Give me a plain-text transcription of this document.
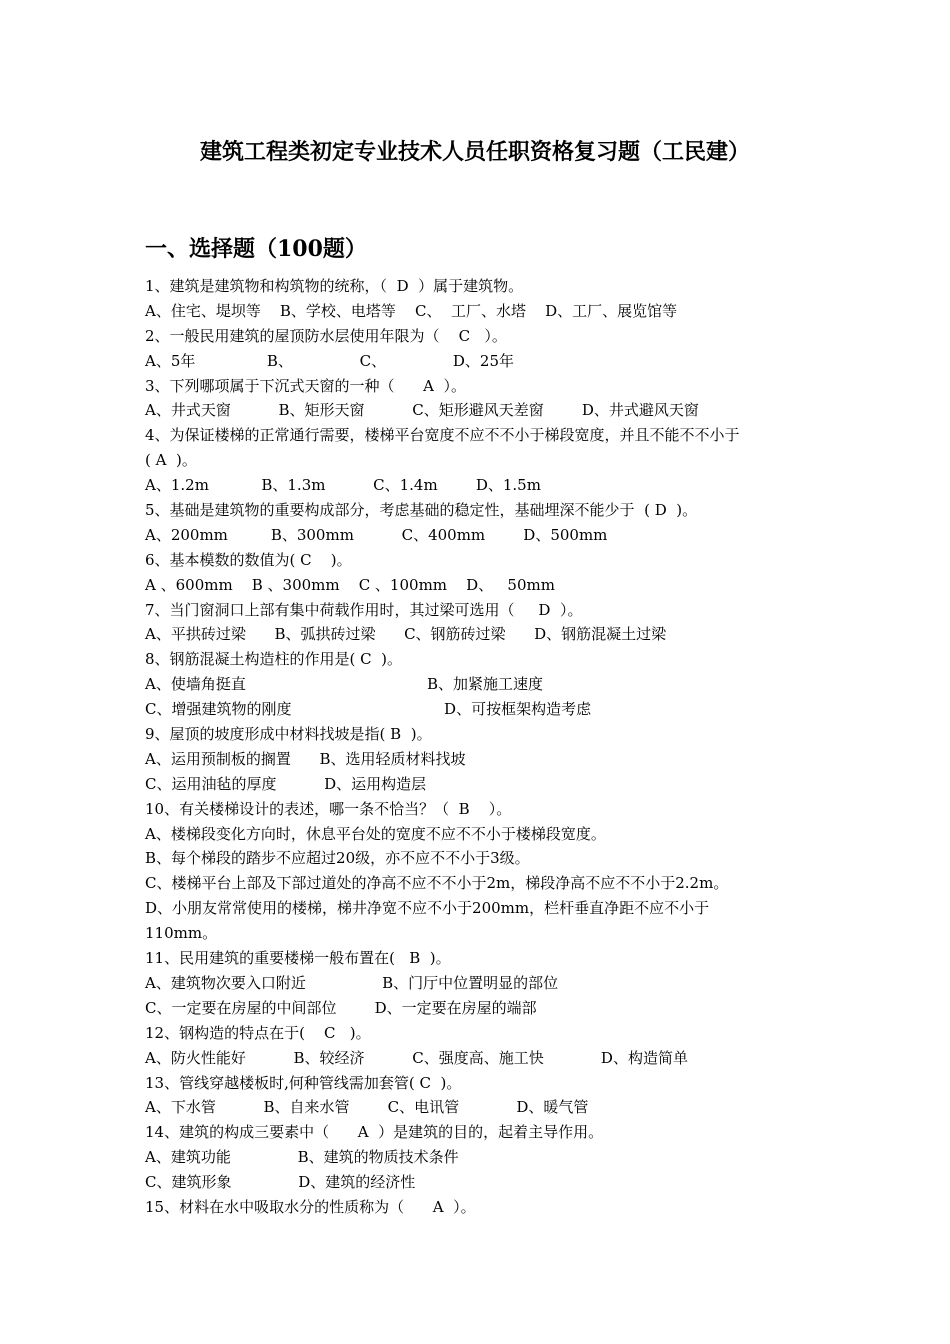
建筑工程类初定专业技术人员任职资格复习题（工民建）
一、选择题（100题）
1、建筑是建筑物和构筑物的统称，（  D  ）属于建筑物。
A、住宅、堤坝等    B、学校、电塔等    C、  工厂、水塔    D、工厂、展览馆等
2、一般民用建筑的屋顶防水层使用年限为（    C   ）。
A、5年               B、              C、              D、25年
3、下列哪项属于下沉式天窗的一种（      A  ）。
A、井式天窗          B、矩形天窗          C、矩形避风天差窗        D、井式避风天窗
4、为保证楼梯的正常通行需要，楼梯平台宽度不应不不小于梯段宽度，并且不能不不小于
( A  )。
A、1.2m           B、1.3m          C、1.4m        D、1.5m
5、基础是建筑物的重要构成部分，考虑基础的稳定性，基础埋深不能少于  ( D  )。
A、200mm         B、300mm          C、400mm        D、500mm
6、基本模数的数值为( C    )。
A 、600mm    B 、300mm    C 、100mm    D、   50mm
7、当门窗洞口上部有集中荷载作用时，其过梁可选用（     D  ）。
A、平拱砖过梁      B、弧拱砖过梁      C、钢筋砖过梁      D、钢筋混凝土过梁
8、钢筋混凝土构造柱的作用是( C  )。
A、使墙角挺直                                      B、加紧施工速度
C、增强建筑物的刚度                                D、可按框架构造考虑
9、屋顶的坡度形成中材料找坡是指( B  )。
A、运用预制板的搁置      B、选用轻质材料找坡
C、运用油毡的厚度          D、运用构造层
10、有关楼梯设计的表述，哪一条不恰当？（  B    ）。
A、楼梯段变化方向时，休息平台处的宽度不应不不小于楼梯段宽度。
B、每个梯段的踏步不应超过20级，亦不应不不小于3级。
C、楼梯平台上部及下部过道处的净高不应不不小于2m，梯段净高不应不不小于2.2m。
D、小朋友常常使用的楼梯，梯井净宽不应不小于200mm，栏杆垂直净距不应不小于
110mm。
11、民用建筑的重要楼梯一般布置在(   B  )。
A、建筑物次要入口附近                B、门厅中位置明显的部位
C、一定要在房屋的中间部位        D、一定要在房屋的端部
12、钢构造的特点在于(    C   )。
A、防火性能好          B、较经济          C、强度高、施工快            D、构造简单
13、管线穿越楼板时,何种管线需加套管( C  )。
A、下水管          B、自来水管        C、电讯管            D、暖气管
14、建筑的构成三要素中（      A  ）是建筑的目的，起着主导作用。
A、建筑功能              B、建筑的物质技术条件
C、建筑形象              D、建筑的经济性
15、材料在水中吸取水分的性质称为（      A  ）。
